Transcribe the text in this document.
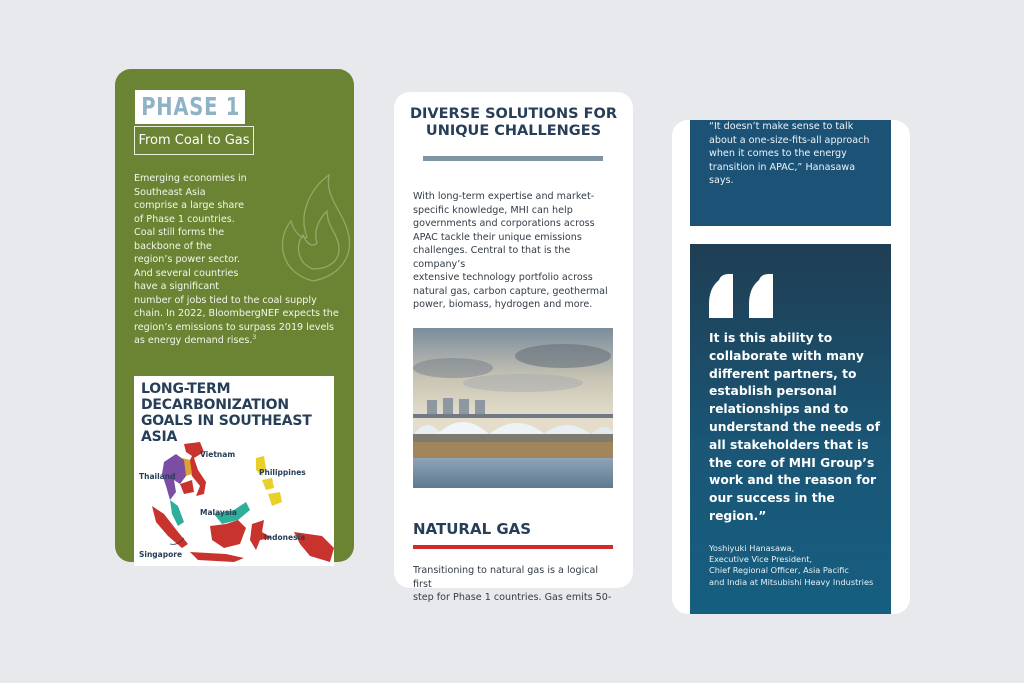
PHASE 1
From Coal to Gas
Emerging economies in
Southeast Asia
comprise a large share
of Phase 1 countries.
Coal still forms the
backbone of the
region’s power sector.
And several countries
have a significant
number of jobs tied to the coal supply
chain. In 2022, BloombergNEF expects the
region’s emissions to surpass 2019 levels
as energy demand rises.$^3$
LONG-TERM DECARBONIZATION GOALS IN SOUTHEAST ASIA
Vietnam
Thailand	Philippines
Malaysia
Indonesia
Singapore
DIVERSE SOLUTIONS FOR UNIQUE CHALLENGES
With long-term expertise and market-
specific knowledge, MHI can help
governments and corporations across
APAC tackle their unique emissions
challenges. Central to that is the company’s
extensive technology portfolio across
natural gas, carbon capture, geothermal
power, biomass, hydrogen and more.
NATURAL GAS
Transitioning to natural gas is a logical first
step for Phase 1 countries. Gas emits 50-
“It doesn’t make sense to talk
about a one-size-fits-all approach
when it comes to the energy
transition in APAC,” Hanasawa
says.
It is this ability to
collaborate with many
different partners, to
establish personal
relationships and to
understand the needs of
all stakeholders that is
the core of MHI Group’s
work and the reason for
our success in the
region.”
Yoshiyuki Hanasawa,
Executive Vice President,
Chief Regional Officer, Asia Pacific
and India at Mitsubishi Heavy Industries
